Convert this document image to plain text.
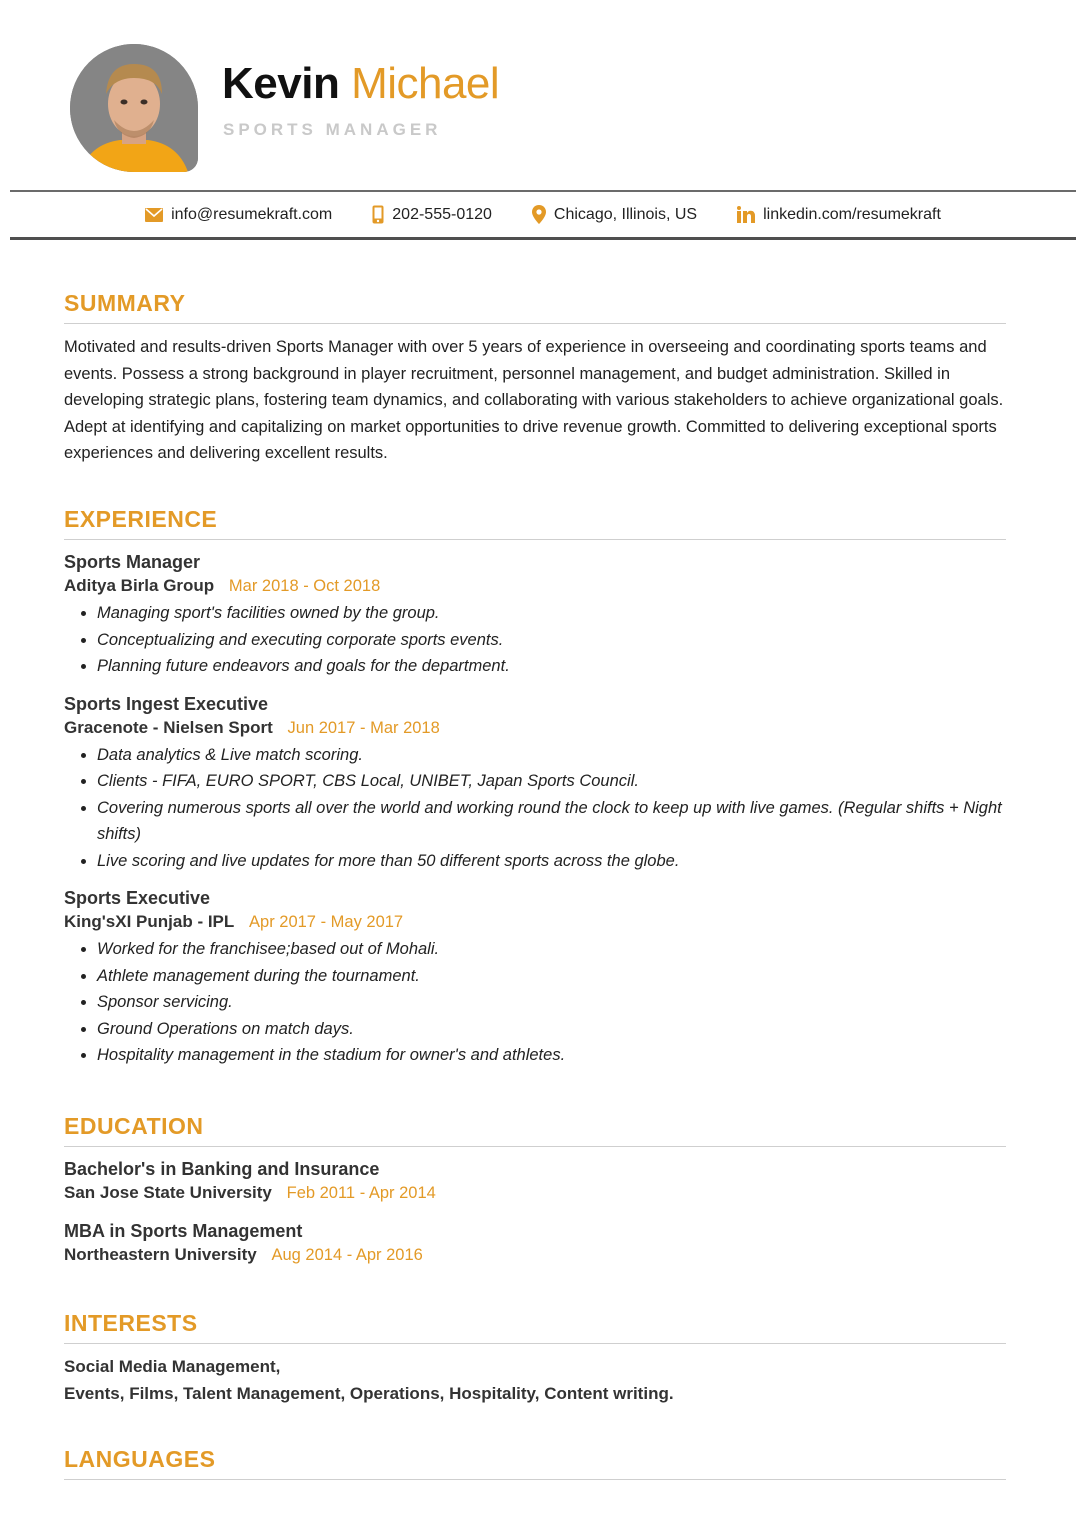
Kevin Michael
SPORTS MANAGER
info@resumekraft.com	202-555-0120	Chicago, Illinois, US	linkedin.com/resumekraft
SUMMARY

Motivated and results-driven Sports Manager with over 5 years of experience in overseeing and coordinating sports teams and events. Possess a strong background in player recruitment, personnel management, and budget administration. Skilled in developing strategic plans, fostering team dynamics, and collaborating with various stakeholders to achieve organizational goals. Adept at identifying and capitalizing on market opportunities to drive revenue growth. Committed to delivering exceptional sports experiences and delivering excellent results.

EXPERIENCE
Sports Manager
Aditya Birla Group Mar 2018 - Oct 2018
• Managing sport's facilities owned by the group.
• Conceptualizing and executing corporate sports events.
• Planning future endeavors and goals for the department.
Sports Ingest Executive
Gracenote - Nielsen Sport Jun 2017 - Mar 2018
• Data analytics & Live match scoring.
• Clients - FIFA, EURO SPORT, CBS Local, UNIBET, Japan Sports Council.
• Covering numerous sports all over the world and working round the clock to keep up with live games. (Regular shifts + Night shifts)
• Live scoring and live updates for more than 50 different sports across the globe.
Sports Executive
King'sXI Punjab - IPL Apr 2017 - May 2017
• Worked for the franchisee;based out of Mohali.
• Athlete management during the tournament.
• Sponsor servicing.
• Ground Operations on match days.
• Hospitality management in the stadium for owner's and athletes.
EDUCATION
Bachelor's in Banking and Insurance
San Jose State University Feb 2011 - Apr 2014
MBA in Sports Management
Northeastern University Aug 2014 - Apr 2016
INTERESTS
Social Media Management,
Events, Films, Talent Management, Operations, Hospitality, Content writing.
LANGUAGES
